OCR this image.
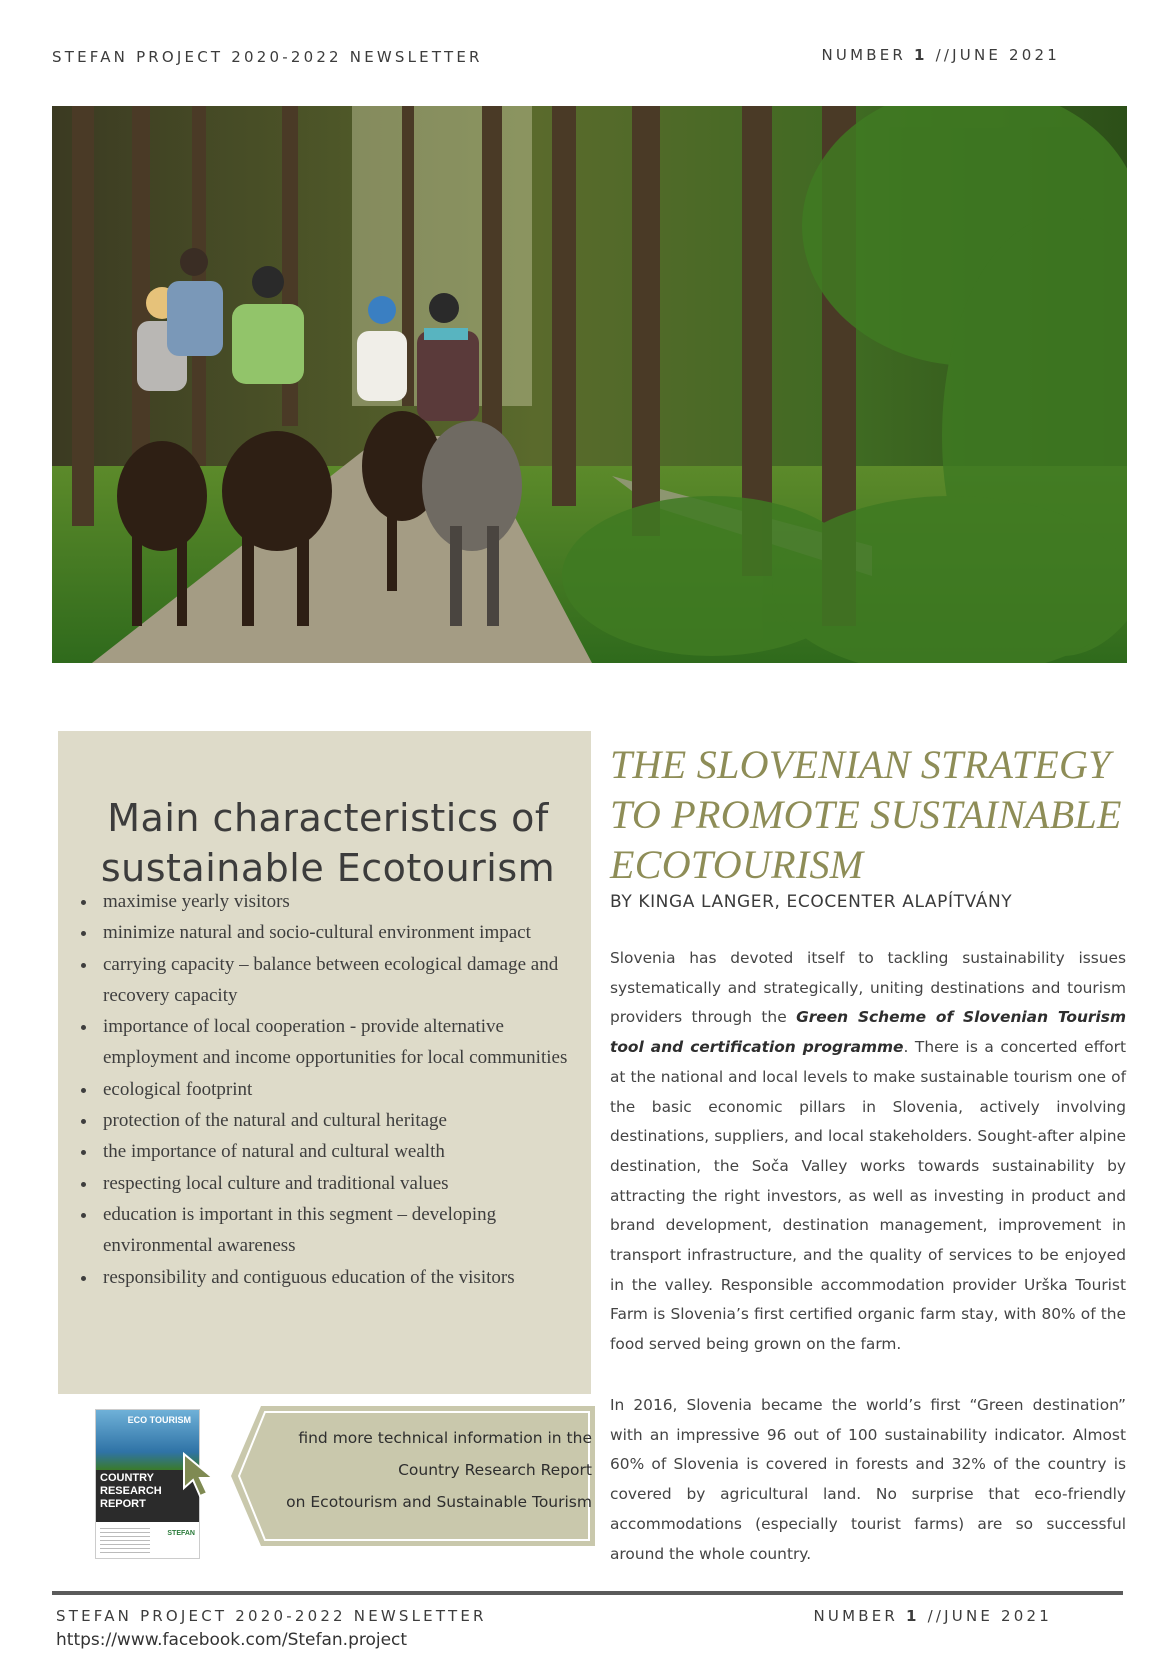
STEFAN PROJECT 2020-2022 NEWSLETTER	NUMBER 1 //JUNE 2021
Main characteristics of
sustainable Ecotourism
• maximise yearly visitors
• minimize natural and socio-cultural environment impact
• carrying capacity – balance between ecological damage and recovery capacity
• importance of local cooperation - provide alternative employment and income opportunities for local communities
• ecological footprint
• protection of the natural and cultural heritage
• the importance of natural and cultural wealth
• respecting local culture and traditional values
• education is important in this segment – developing environmental awareness
• responsibility and contiguous education of the visitors
ECO TOURISM
COUNTRY RESEARCH REPORT
STEFAN
find more technical information in the
Country Research Report
on Ecotourism and Sustainable Tourism
THE SLOVENIAN STRATEGY
TO PROMOTE SUSTAINABLE
ECOTOURISM
BY KINGA LANGER, ECOCENTER ALAPÍTVÁNY

Slovenia has devoted itself to tackling sustainability issues systematically and strategically, uniting destinations and tourism providers through the Green Scheme of Slovenian Tourism tool and certification programme. There is a concerted effort at the national and local levels to make sustainable tourism one of the basic economic pillars in Slovenia, actively involving destinations, suppliers, and local stakeholders. Sought-after alpine destination, the Soča Valley works towards sustainability by attracting the right investors, as well as investing in product and brand development, destination management, improvement in transport infrastructure, and the quality of services to be enjoyed in the valley. Responsible accommodation provider Urška Tourist Farm is Slovenia’s first certified organic farm stay, with 80% of the food served being grown on the farm.

In 2016, Slovenia became the world’s first “Green destination” with an impressive 96 out of 100 sustainability indicator. Almost 60% of Slovenia is covered in forests and 32% of the country is covered by agricultural land. No surprise that eco-friendly accommodations (especially tourist farms) are so successful around the whole country.

STEFAN PROJECT 2020-2022 NEWSLETTER	NUMBER 1 //JUNE 2021
https://www.facebook.com/Stefan.project
